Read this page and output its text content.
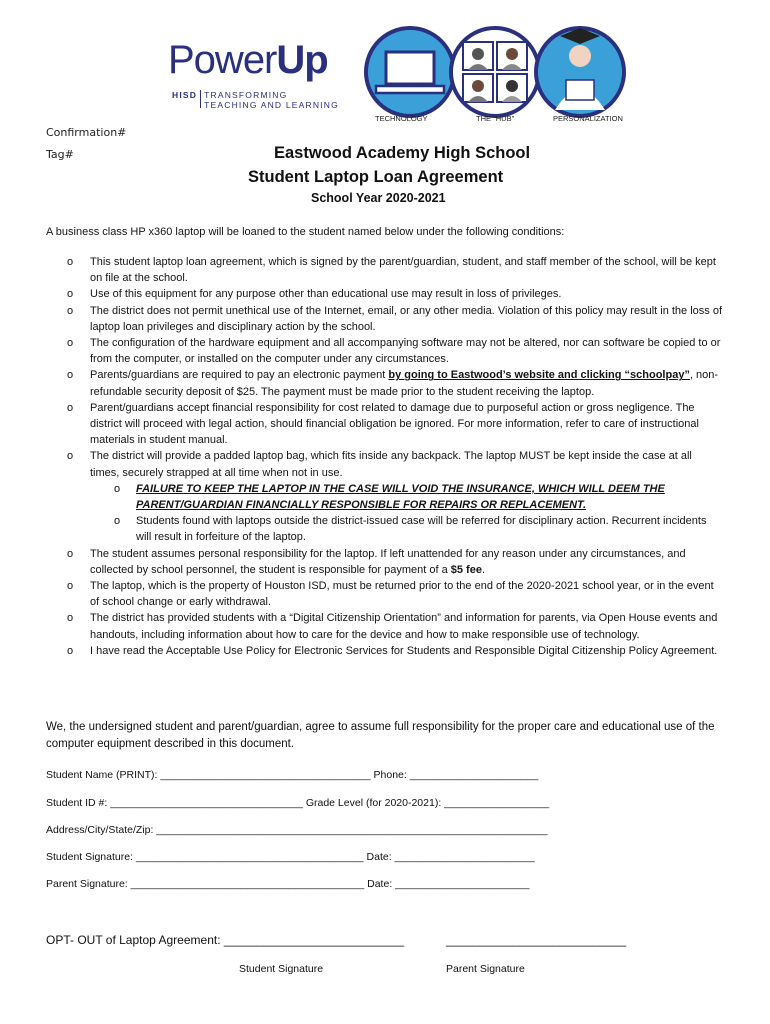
PowerUp
HISD TRANSFORMING
TEACHING AND LEARNING
TECHNOLOGY	THE "HUB"	PERSONALIZATION
Confirmation#
Tag#	Eastwood Academy High School
Student Laptop Loan Agreement
School Year 2020-2021
A business class HP x360 laptop will be loaned to the student named below under the following conditions:
o This student laptop loan agreement, which is signed by the parent/guardian, student, and staff member of the school, will be kept on file at the school.
o Use of this equipment for any purpose other than educational use may result in loss of privileges.
o The district does not permit unethical use of the Internet, email, or any other media. Violation of this policy may result in the loss of laptop loan privileges and disciplinary action by the school.
o The configuration of the hardware equipment and all accompanying software may not be altered, nor can software be copied to or from the computer, or installed on the computer under any circumstances.
o Parents/guardians are required to pay an electronic payment by going to Eastwood’s website and clicking “schoolpay”, non-refundable security deposit of $25. The payment must be made prior to the student receiving the laptop.
o Parent/guardians accept financial responsibility for cost related to damage due to purposeful action or gross negligence. The district will proceed with legal action, should financial obligation be ignored. For more information, refer to care of instructional materials in student manual.
o The district will provide a padded laptop bag, which fits inside any backpack. The laptop MUST be kept inside the case at all times, securely strapped at all time when not in use.
o FAILURE TO KEEP THE LAPTOP IN THE CASE WILL VOID THE INSURANCE, WHICH WILL DEEM THE PARENT/GUARDIAN FINANCIALLY RESPONSIBLE FOR REPAIRS OR REPLACEMENT.
o Students found with laptops outside the district-issued case will be referred for disciplinary action. Recurrent incidents will result in forfeiture of the laptop.
o The student assumes personal responsibility for the laptop. If left unattended for any reason under any circumstances, and collected by school personnel, the student is responsible for payment of a $5 fee.
o The laptop, which is the property of Houston ISD, must be returned prior to the end of the 2020-2021 school year, or in the event of school change or early withdrawal.
o The district has provided students with a “Digital Citizenship Orientation” and information for parents, via Open House events and handouts, including information about how to care for the device and how to make responsible use of technology.
o I have read the Acceptable Use Policy for Electronic Services for Students and Responsible Digital Citizenship Policy Agreement.
We, the undersigned student and parent/guardian, agree to assume full responsibility for the proper care and educational use of the computer equipment described in this document.
Student Name (PRINT): ____________________________________ Phone: ______________________
Student ID #: _________________________________ Grade Level (for 2020-2021): __________________
Address/City/State/Zip: ___________________________________________________________________
Student Signature: _______________________________________ Date: ________________________
Parent Signature: ________________________________________ Date: _______________________
OPT- OUT of Laptop Agreement: ___________________________	___________________________
Student Signature	Parent Signature
